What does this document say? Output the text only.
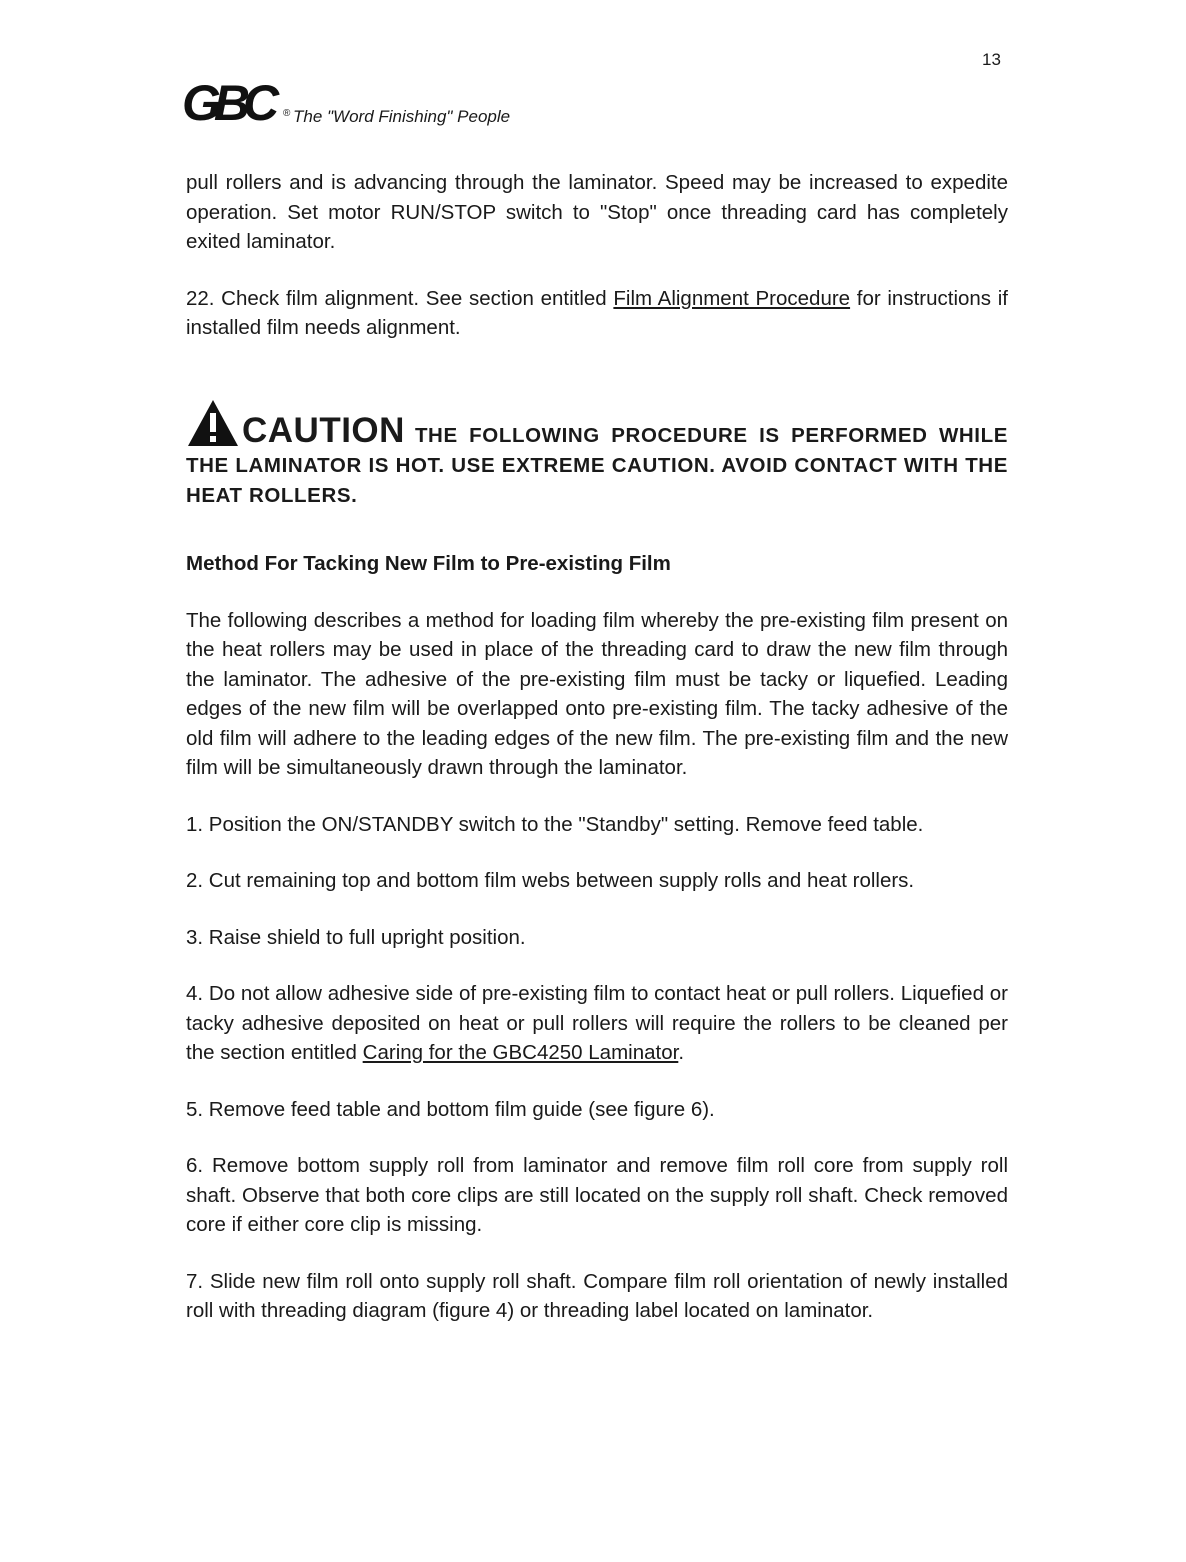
13
GBC	® The "Word Finishing" People

pull rollers and is advancing through the laminator. Speed may be increased to expedite operation. Set motor RUN/STOP switch to "Stop" once threading card has completely exited laminator.

22. Check film alignment. See section entitled Film Alignment Procedure for instructions if installed film needs alignment.

CAUTION THE FOLLOWING PROCEDURE IS PERFORMED WHILE THE LAMINATOR IS HOT. USE EXTREME CAUTION. AVOID CONTACT WITH THE HEAT ROLLERS.
Method For Tacking New Film to Pre-existing Film

The following describes a method for loading film whereby the pre-existing film present on the heat rollers may be used in place of the threading card to draw the new film through the laminator. The adhesive of the pre-existing film must be tacky or liquefied. Leading edges of the new film will be overlapped onto pre-existing film. The tacky adhesive of the old film will adhere to the leading edges of the new film. The pre-existing film and the new film will be simultaneously drawn through the laminator.

1. Position the ON/STANDBY switch to the "Standby" setting. Remove feed table.

2. Cut remaining top and bottom film webs between supply rolls and heat rollers.

3. Raise shield to full upright position.

4. Do not allow adhesive side of pre-existing film to contact heat or pull rollers. Liquefied or tacky adhesive deposited on heat or pull rollers will require the rollers to be cleaned per the section entitled Caring for the GBC4250 Laminator.

5. Remove feed table and bottom film guide (see figure 6).

6. Remove bottom supply roll from laminator and remove film roll core from supply roll shaft. Observe that both core clips are still located on the supply roll shaft. Check removed core if either core clip is missing.

7. Slide new film roll onto supply roll shaft. Compare film roll orientation of newly installed roll with threading diagram (figure 4) or threading label located on laminator.
